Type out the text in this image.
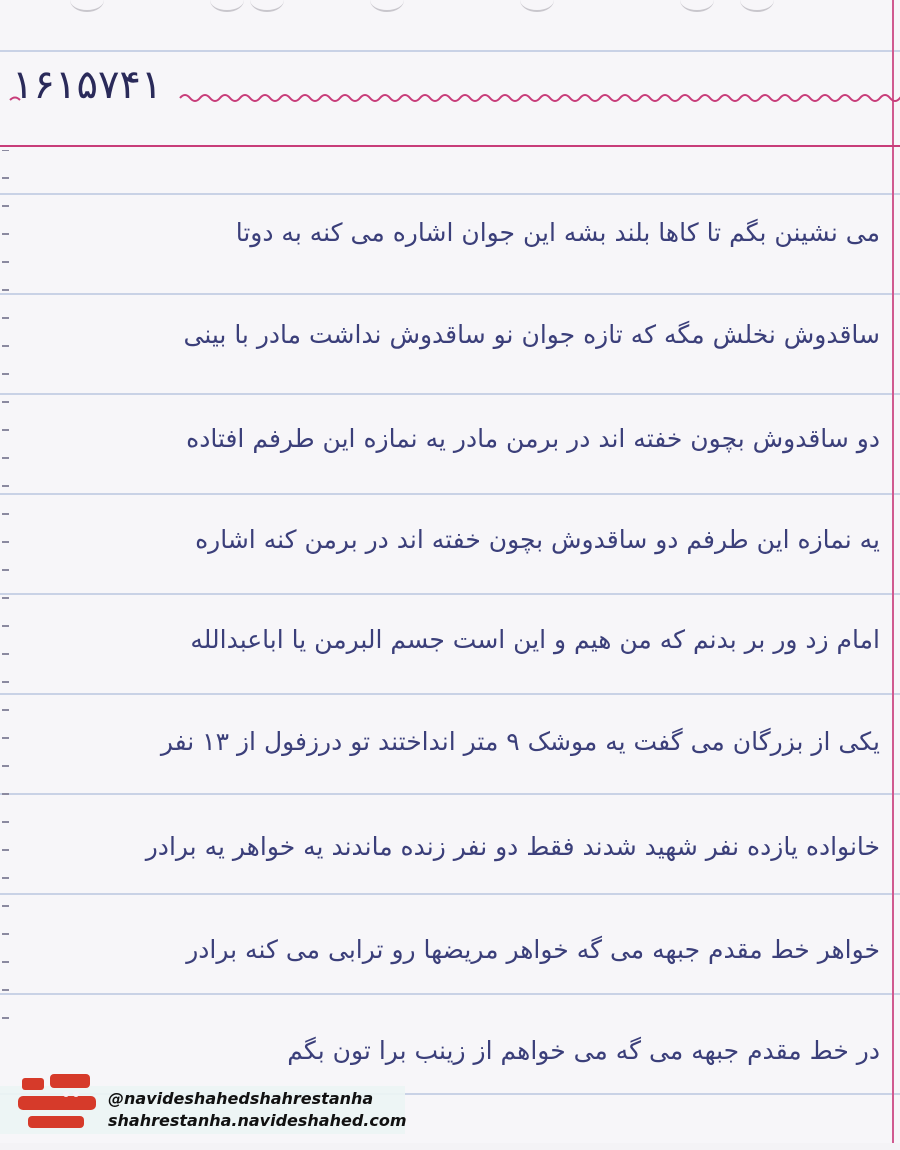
۱۶۱۵۷۴۱
می نشینن بگم تا کاها بلند بشه این جوان اشاره می کنه به دوتا
ساقدوش نخلش مگه که تازه جوان نو ساقدوش نداشت مادر با بینی
دو ساقدوش بچون خفته اند در برمن مادر یه نمازه این طرفم افتاده
یه نمازه این طرفم دو ساقدوش بچون خفته اند در برمن کنه اشاره
امام زد ور بر بدنم که من هیم و این است جسم البرمن یا اباعبدالله
یکی از بزرگان می گفت یه موشک ۹ متر انداختند تو درزفول از ۱۳ نفر
خانواده یازده نفر شهید شدند فقط دو نفر زنده ماندند یه خواهر یه برادر
خواهر خط مقدم جبهه می گه خواهر مریضها رو ترابی می کنه برادر
در خط مقدم جبهه می گه می خواهم از زینب برا تون بگم
@navideshahedshahrestanha
shahrestanha.navideshahed.com
